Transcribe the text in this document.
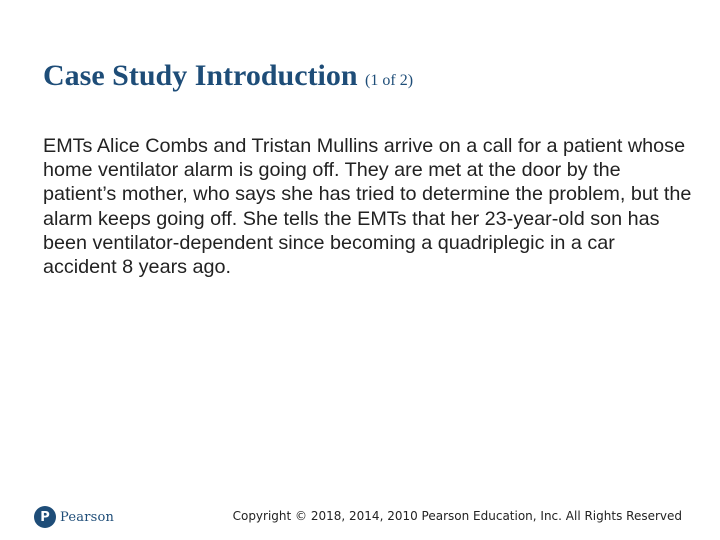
Case Study Introduction (1 of 2)

EMTs Alice Combs and Tristan Mullins arrive on a call for a patient whose home ventilator alarm is going off. They are met at the door by the patient’s mother, who says she has tried to determine the problem, but the alarm keeps going off. She tells the EMTs that her 23-year-old son has been ventilator-dependent since becoming a quadriplegic in a car accident 8 years ago.

P Pearson	Copyright © 2018, 2014, 2010 Pearson Education, Inc. All Rights Reserved
